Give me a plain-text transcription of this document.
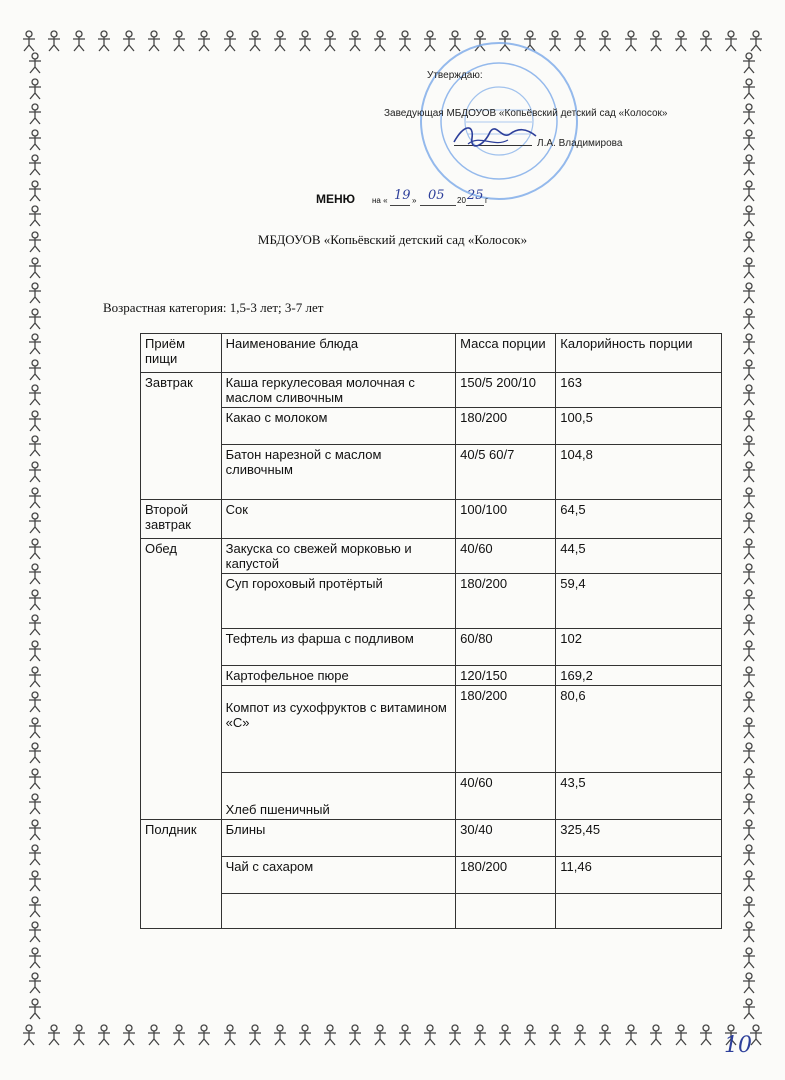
Утверждаю:
Заведующая МБДОУОВ «Копьёвский детский сад «Колосок»
Л.А. Владимирова
МЕНЮ на « 19 » 05 20 25 г
МБДОУОВ «Копьёвский детский сад «Колосок»
Возрастная категория: 1,5-3 лет; 3-7 лет
Приём пищи	Наименование блюда	Масса порции	Калорийность порции
Завтрак	Каша геркулесовая молочная с маслом сливочным	150/5 200/10	163
	Какао с молоком	180/200	100,5
	Батон нарезной с маслом сливочным	40/5 60/7	104,8
Второй завтрак	Сок	100/100	64,5
Обед	Закуска со свежей морковью и капустой	40/60	44,5
	Суп гороховый протёртый	180/200	59,4
	Тефтель из фарша с подливом	60/80	102
	Картофельное пюре	120/150	169,2
	Компот из сухофруктов с витамином «С»	180/200	80,6
	Хлеб пшеничный	40/60	43,5
Полдник	Блины	30/40	325,45
	Чай с сахаром	180/200	11,46

10
